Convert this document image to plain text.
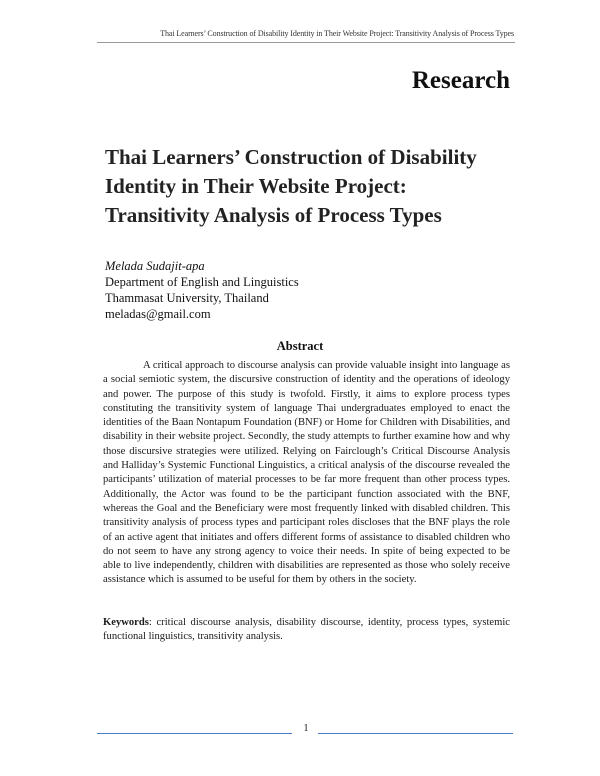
Thai Learners’ Construction of Disability Identity in Their Website Project: Transitivity Analysis of Process Types
Research
Thai Learners’ Construction of Disability
Identity in Their Website Project:
Transitivity Analysis of Process Types
Melada Sudajit-apa
Department of English and Linguistics
Thammasat University, Thailand
meladas@gmail.com
Abstract
A critical approach to discourse analysis can provide valuable insight into language as a social semiotic system, the discursive construction of identity and the operations of ideology and power. The purpose of this study is twofold. Firstly, it aims to explore process types constituting the transitivity system of language Thai undergraduates employed to enact the identities of the Baan Nontapum Foundation (BNF) or Home for Children with Disabilities, and disability in their website project. Secondly, the study attempts to further examine how and why those discursive strategies were utilized. Relying on Fairclough’s Critical Discourse Analysis and Halliday’s Systemic Functional Linguistics, a critical analysis of the discourse revealed the participants’ utilization of material processes to be far more frequent than other process types. Additionally, the Actor was found to be the participant function associated with the BNF, whereas the Goal and the Beneficiary were most frequently linked with disabled children. This transitivity analysis of process types and participant roles discloses that the BNF plays the role of an active agent that initiates and offers different forms of assistance to disabled children who do not seem to have any strong agency to voice their needs. In spite of being expected to be able to live independently, children with disabilities are represented as those who solely receive assistance which is assumed to be useful for them by others in the society.
Keywords: critical discourse analysis, disability discourse, identity, process types, systemic functional linguistics, transitivity analysis.
1
